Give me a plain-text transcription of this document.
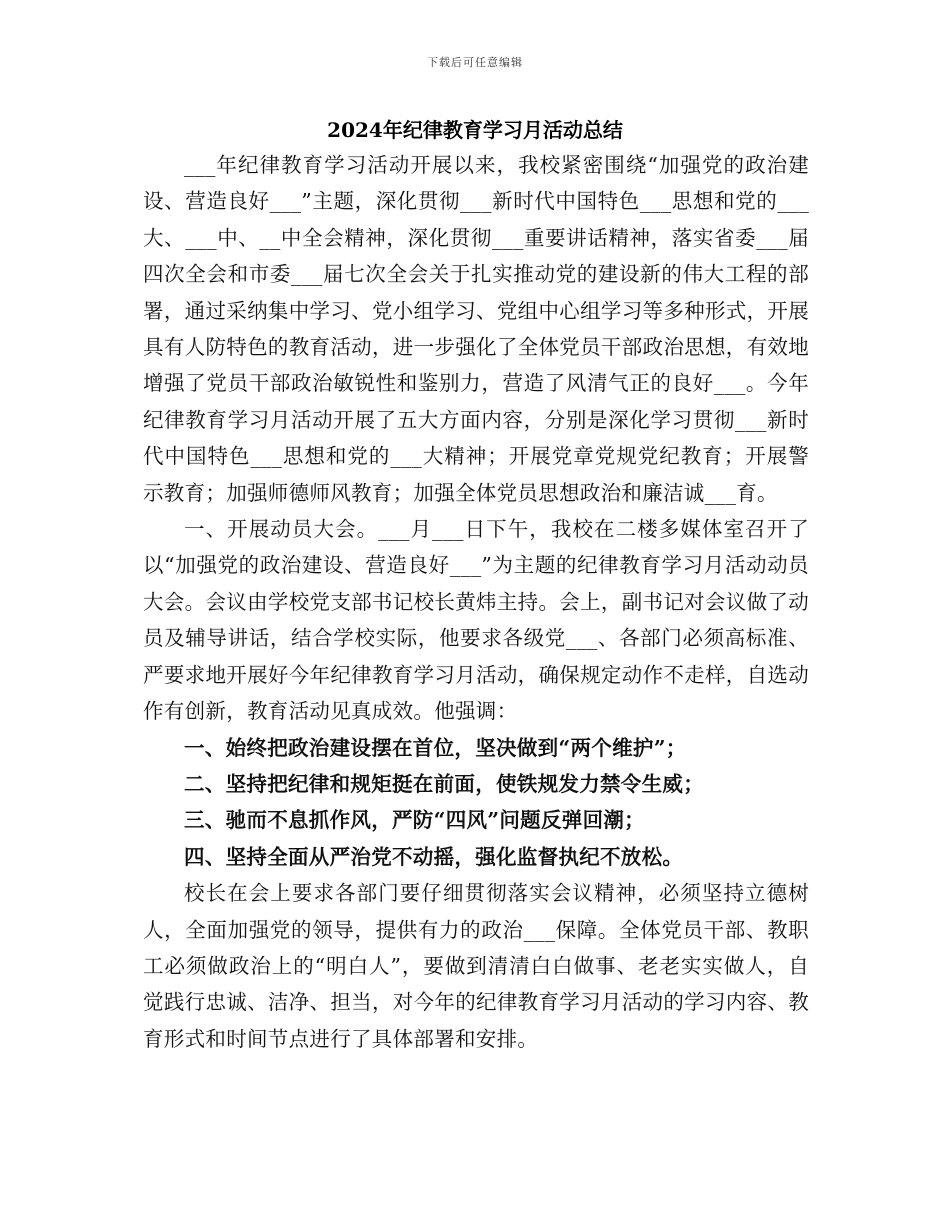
下载后可任意编辑
2024年纪律教育学习月活动总结

___年纪律教育学习活动开展以来，我校紧密围绕“加强党的政治建设、营造良好___”主题，深化贯彻___新时代中国特色___思想和党的___大、___中、__中全会精神，深化贯彻___重要讲话精神，落实省委___届四次全会和市委___届七次全会关于扎实推动党的建设新的伟大工程的部署，通过采纳集中学习、党小组学习、党组中心组学习等多种形式，开展具有人防特色的教育活动，进一步强化了全体党员干部政治思想，有效地增强了党员干部政治敏锐性和鉴别力，营造了风清气正的良好___。今年纪律教育学习月活动开展了五大方面内容，分别是深化学习贯彻___新时代中国特色___思想和党的___大精神；开展党章党规党纪教育；开展警示教育；加强师德师风教育；加强全体党员思想政治和廉洁诚___育。

一、开展动员大会。___月___日下午，我校在二楼多媒体室召开了以“加强党的政治建设、营造良好___”为主题的纪律教育学习月活动动员大会。会议由学校党支部书记校长黄炜主持。会上，副书记对会议做了动员及辅导讲话，结合学校实际，他要求各级党___、各部门必须高标准、严要求地开展好今年纪律教育学习月活动，确保规定动作不走样，自选动作有创新，教育活动见真成效。他强调：

一、始终把政治建设摆在首位，坚决做到“两个维护”；

二、坚持把纪律和规矩挺在前面，使铁规发力禁令生威；

三、驰而不息抓作风，严防“四风”问题反弹回潮；

四、坚持全面从严治党不动摇，强化监督执纪不放松。

校长在会上要求各部门要仔细贯彻落实会议精神，必须坚持立德树人，全面加强党的领导，提供有力的政治___保障。全体党员干部、教职工必须做政治上的“明白人”，要做到清清白白做事、老老实实做人，自觉践行忠诚、洁净、担当，对今年的纪律教育学习月活动的学习内容、教育形式和时间节点进行了具体部署和安排。
